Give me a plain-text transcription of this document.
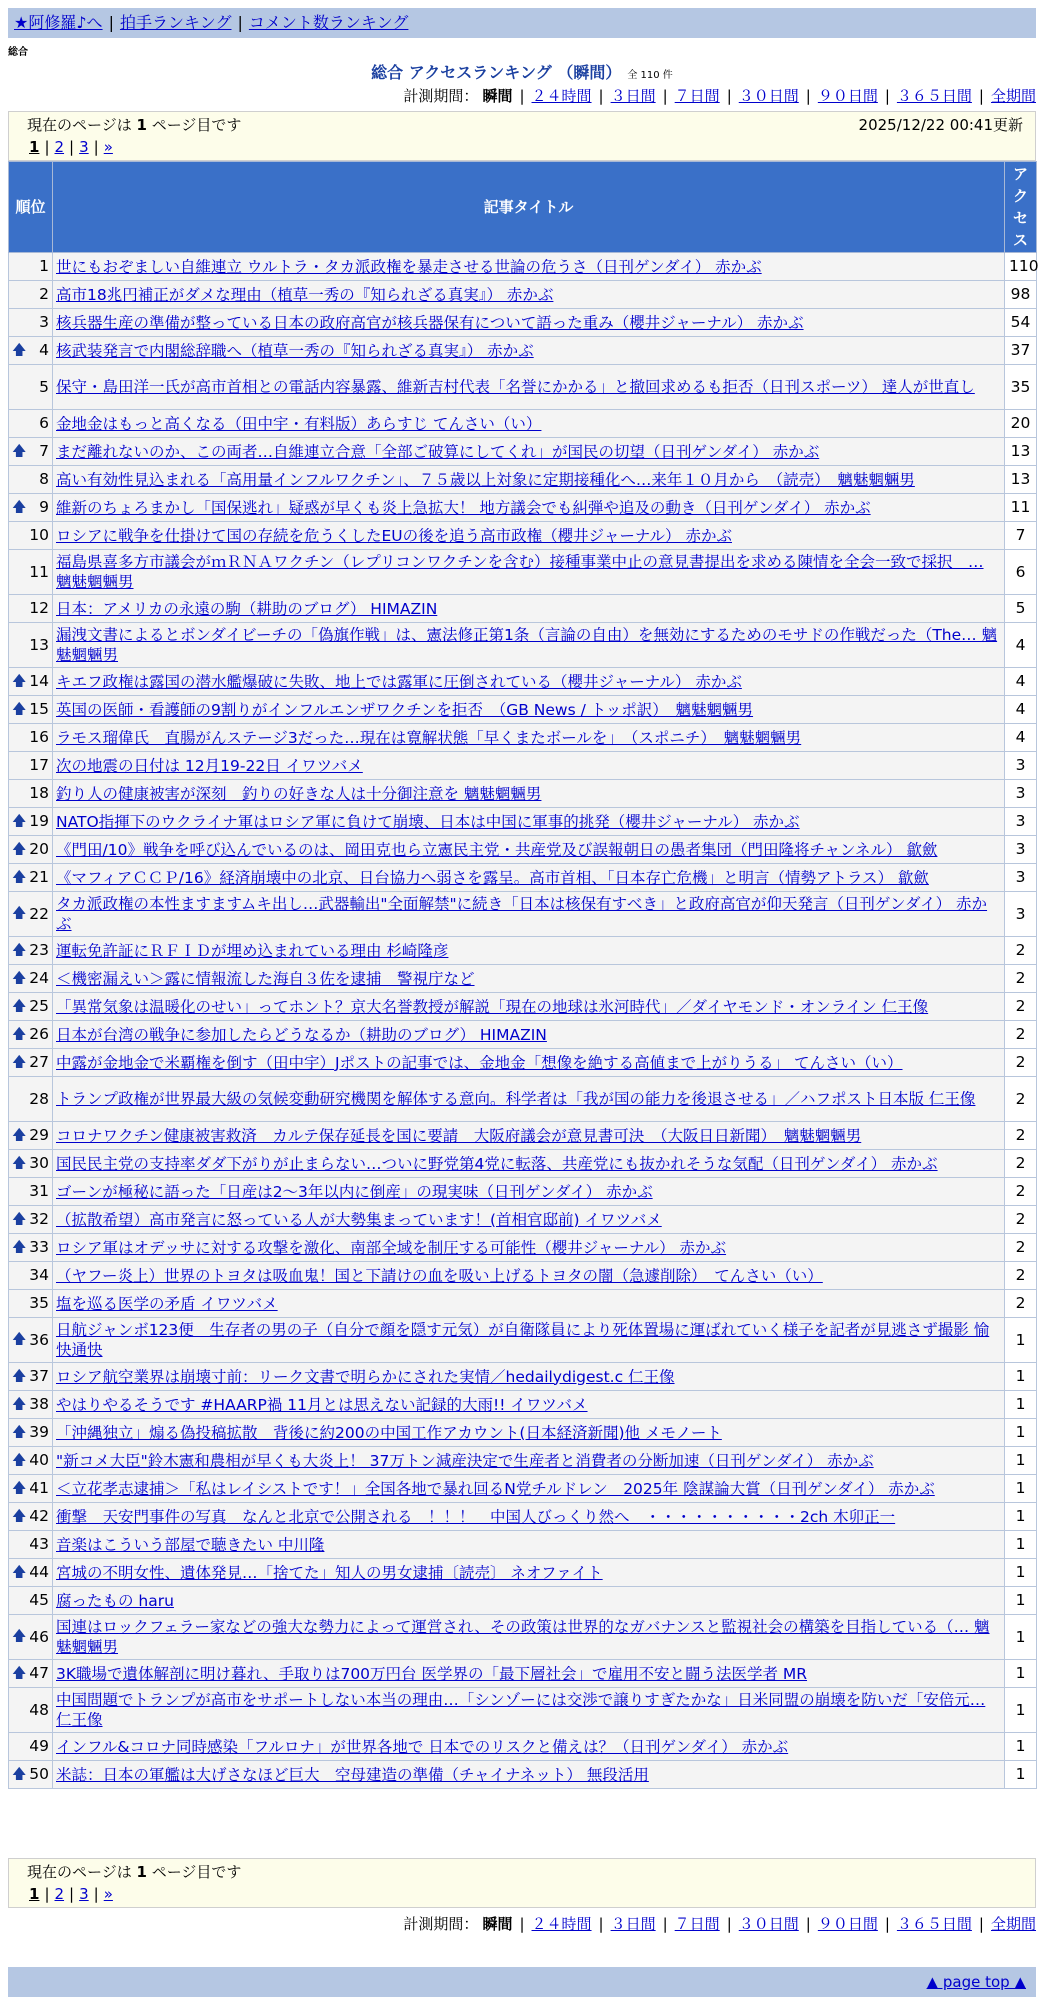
★阿修羅♪へ | 拍手ランキング | コメント数ランキング
総合
総合 アクセスランキング （瞬間） 全 110 件
計測期間： 瞬間 | ２４時間 | ３日間 | ７日間 | ３０日間 | ９０日間 | ３６５日間 | 全期間
現在のページは 1 ページ目です	2025/12/22 00:41更新
1 | 2 | 3 | »
順位	記事タイトル	アクセス
1	世にもおぞましい自維連立 ウルトラ・タカ派政権を暴走させる世論の危うさ（日刊ゲンダイ） 赤かぶ	110
2	高市18兆円補正がダメな理由（植草一秀の『知られざる真実』） 赤かぶ	98
3	核兵器生産の準備が整っている日本の政府高官が核兵器保有について語った重み（櫻井ジャーナル） 赤かぶ	54

🡅 4	核武装発言で内閣総辞職へ（植草一秀の『知られざる真実』） 赤かぶ	37
5	保守・島田洋一氏が高市首相との電話内容暴露、維新吉村代表「名誉にかかる」と撤回求めるも拒否（日刊スポーツ） 達人が世直し	35
6	金地金はもっと高くなる（田中宇・有料版）あらすじ てんさい（い）	20

🡅 7	まだ離れないのか、この両者…自維連立合意「全部ご破算にしてくれ」が国民の切望（日刊ゲンダイ） 赤かぶ	13
8	高い有効性見込まれる「高用量インフルワクチン」、７５歳以上対象に定期接種化へ…来年１０月から　（読売）　魑魅魍魎男	13

🡅 9	維新のちょろまかし「国保逃れ」疑惑が早くも炎上急拡大！ 地方議会でも糾弾や追及の動き（日刊ゲンダイ） 赤かぶ	11
10	ロシアに戦争を仕掛けて国の存続を危うくしたEUの後を追う高市政権（櫻井ジャーナル） 赤かぶ	7
11	福島県喜多方市議会がｍＲＮＡワクチン（レプリコンワクチンを含む）接種事業中止の意見書提出を求める陳情を全会一致で採択　… 魑魅魍魎男	6
12	日本：アメリカの永遠の駒（耕助のブログ） HIMAZIN	5
13	漏洩文書によるとボンダイビーチの「偽旗作戦」は、憲法修正第1条（言論の自由）を無効にするためのモサドの作戦だった（The… 魑魅魍魎男	4

🡅 14	キエフ政権は露国の潜水艦爆破に失敗、地上では露軍に圧倒されている（櫻井ジャーナル） 赤かぶ	4

🡅 15	英国の医師・看護師の9割りがインフルエンザワクチンを拒否　（GB News / トッポ訳）　魑魅魍魎男	4
16	ラモス瑠偉氏　直腸がんステージ3だった…現在は寛解状態「早くまたボールを」　（スポニチ）　魑魅魍魎男	4
17	次の地震の日付は 12月19-22日 イワツバメ	3
18	釣り人の健康被害が深刻　釣りの好きな人は十分御注意を 魑魅魍魎男	3

🡅 19	NATO指揮下のウクライナ軍はロシア軍に負けて崩壊、日本は中国に軍事的挑発（櫻井ジャーナル） 赤かぶ	3

🡅 20	《門田/10》戦争を呼び込んでいるのは、岡田克也ら立憲民主党・共産党及び誤報朝日の愚者集団（門田隆将チャンネル） 歙歛	3

🡅 21	《マフィアＣＣＰ/16》経済崩壊中の北京、日台協力へ弱さを露呈。高市首相、「日本存亡危機」と明言（情勢アトラス） 歙歛	3

🡅 22	タカ派政権の本性ますますムキ出し…武器輸出"全面解禁"に続き「日本は核保有すべき」と政府高官が仰天発言（日刊ゲンダイ） 赤かぶ	3

🡅 23	運転免許証にＲＦＩＤが埋め込まれている理由 杉崎隆彦	2

🡅 24	＜機密漏えい＞露に情報流した海自３佐を逮捕　警視庁など	2

🡅 25	「異常気象は温暖化のせい」ってホント？京大名誉教授が解説「現在の地球は氷河時代」／ダイヤモンド・オンライン 仁王像	2

🡅 26	日本が台湾の戦争に参加したらどうなるか（耕助のブログ） HIMAZIN	2

🡅 27	中露が金地金で米覇権を倒す（田中宇）Jポストの記事では、金地金「想像を絶する高値まで上がりうる」 てんさい（い）	2
28	トランプ政権が世界最大級の気候変動研究機関を解体する意向。科学者は「我が国の能力を後退させる」／ハフポスト日本版 仁王像	2

🡅 29	コロナワクチン健康被害救済　カルテ保存延長を国に要請　大阪府議会が意見書可決　（大阪日日新聞）　魑魅魍魎男	2

🡅 30	国民民主党の支持率ダダ下がりが止まらない…ついに野党第4党に転落、共産党にも抜かれそうな気配（日刊ゲンダイ） 赤かぶ	2
31	ゴーンが極秘に語った「日産は2～3年以内に倒産」の現実味（日刊ゲンダイ） 赤かぶ	2

🡅 32	（拡散希望）高市発言に怒っている人が大勢集まっています！(首相官邸前) イワツバメ	2

🡅 33	ロシア軍はオデッサに対する攻撃を激化、南部全域を制圧する可能性（櫻井ジャーナル） 赤かぶ	2
34	（ヤフー炎上）世界のトヨタは吸血鬼！国と下請けの血を吸い上げるトヨタの闇（急遽削除）　てんさい（い）	2
35	塩を巡る医学の矛盾 イワツバメ	2

🡅 36	日航ジャンボ123便　生存者の男の子（自分で顔を隠す元気）が自衛隊員により死体置場に運ばれていく様子を記者が見逃さず撮影 愉快通快	1

🡅 37	ロシア航空業界は崩壊寸前：リーク文書で明らかにされた実情／hedailydigest.c 仁王像	1

🡅 38	やはりやるそうです #HAARP禍 11月とは思えない記録的大雨!! イワツバメ	1

🡅 39	「沖縄独立」煽る偽投稿拡散　背後に約200の中国工作アカウント(日本経済新聞)他 メモノート	1

🡅 40	"新コメ大臣"鈴木憲和農相が早くも大炎上！ 37万トン減産決定で生産者と消費者の分断加速（日刊ゲンダイ） 赤かぶ	1

🡅 41	＜立花孝志逮捕＞「私はレイシストです！」全国各地で暴れ回るN党チルドレン　2025年 陰謀論大賞（日刊ゲンダイ） 赤かぶ	1

🡅 42	衝撃　天安門事件の写真　なんと北京で公開される　！！！　中国人びっくり然へ　・・・・・・・・・・2ch 木卯正一	1
43	音楽はこういう部屋で聴きたい 中川隆	1

🡅 44	宮城の不明女性、遺体発見…「捨てた」知人の男女逮捕〔読売〕 ネオファイト	1
45	腐ったもの haru	1

🡅 46	国連はロックフェラー家などの強大な勢力によって運営され、その政策は世界的なガバナンスと監視社会の構築を目指している（… 魑魅魍魎男	1

🡅 47	3K職場で遺体解剖に明け暮れ、手取りは700万円台 医学界の「最下層社会」で雇用不安と闘う法医学者 MR	1
48	中国問題でトランプが高市をサポートしない本当の理由…「シンゾーには交渉で譲りすぎたかな」日米同盟の崩壊を防いだ「安倍元… 仁王像	1
49	インフル&コロナ同時感染「フルロナ」が世界各地で 日本でのリスクと備えは？（日刊ゲンダイ） 赤かぶ	1

🡅 50	米誌：日本の軍艦は大げさなほど巨大　空母建造の準備（チャイナネット） 無段活用	1
現在のページは 1 ページ目です
1 | 2 | 3 | »
計測期間： 瞬間 | ２４時間 | ３日間 | ７日間 | ３０日間 | ９０日間 | ３６５日間 | 全期間
▲ page top ▲
